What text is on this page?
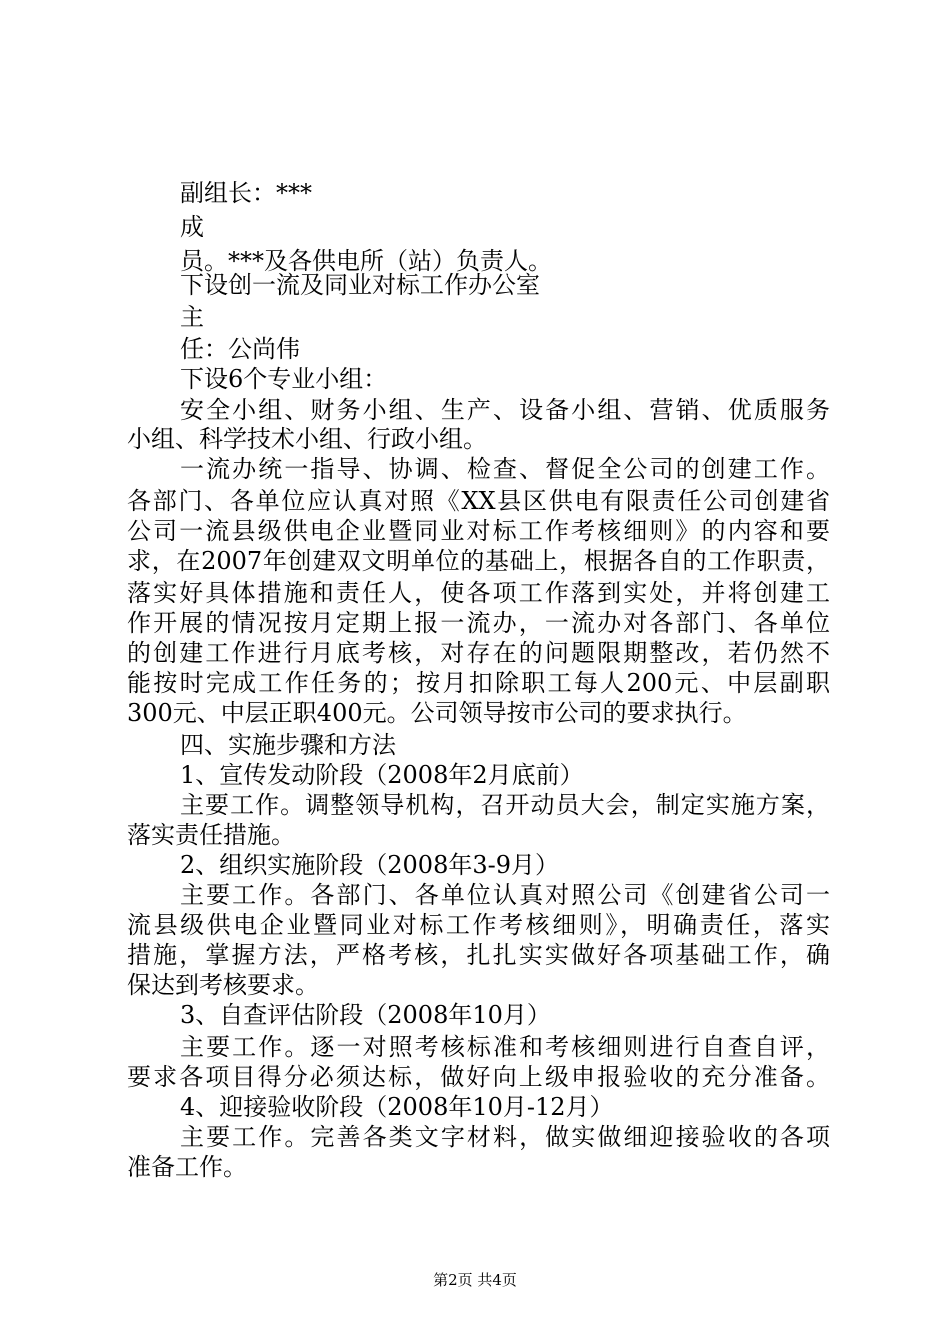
副组长：***
成
员。***及各供电所（站）负责人。
下设创一流及同业对标工作办公室
主
任：公尚伟
下设6个专业小组：
安全小组、财务小组、生产、设备小组、营销、优质服务
小组、科学技术小组、行政小组。
一流办统一指导、协调、检查、督促全公司的创建工作。
各部门、各单位应认真对照《XX县区供电有限责任公司创建省
公司一流县级供电企业暨同业对标工作考核细则》的内容和要
求，在2007年创建双文明单位的基础上，根据各自的工作职责，
落实好具体措施和责任人，使各项工作落到实处，并将创建工
作开展的情况按月定期上报一流办，一流办对各部门、各单位
的创建工作进行月底考核，对存在的问题限期整改，若仍然不
能按时完成工作任务的；按月扣除职工每人200元、中层副职
300元、中层正职400元。公司领导按市公司的要求执行。
四、实施步骤和方法
1、宣传发动阶段（2008年2月底前）
主要工作。调整领导机构，召开动员大会，制定实施方案，
落实责任措施。
2、组织实施阶段（2008年3-9月）
主要工作。各部门、各单位认真对照公司《创建省公司一
流县级供电企业暨同业对标工作考核细则》，明确责任，落实
措施，掌握方法，严格考核，扎扎实实做好各项基础工作，确
保达到考核要求。
3、自查评估阶段（2008年10月）
主要工作。逐一对照考核标准和考核细则进行自查自评，
要求各项目得分必须达标，做好向上级申报验收的充分准备。
4、迎接验收阶段（2008年10月-12月）
主要工作。完善各类文字材料，做实做细迎接验收的各项
准备工作。
第2页 共4页
